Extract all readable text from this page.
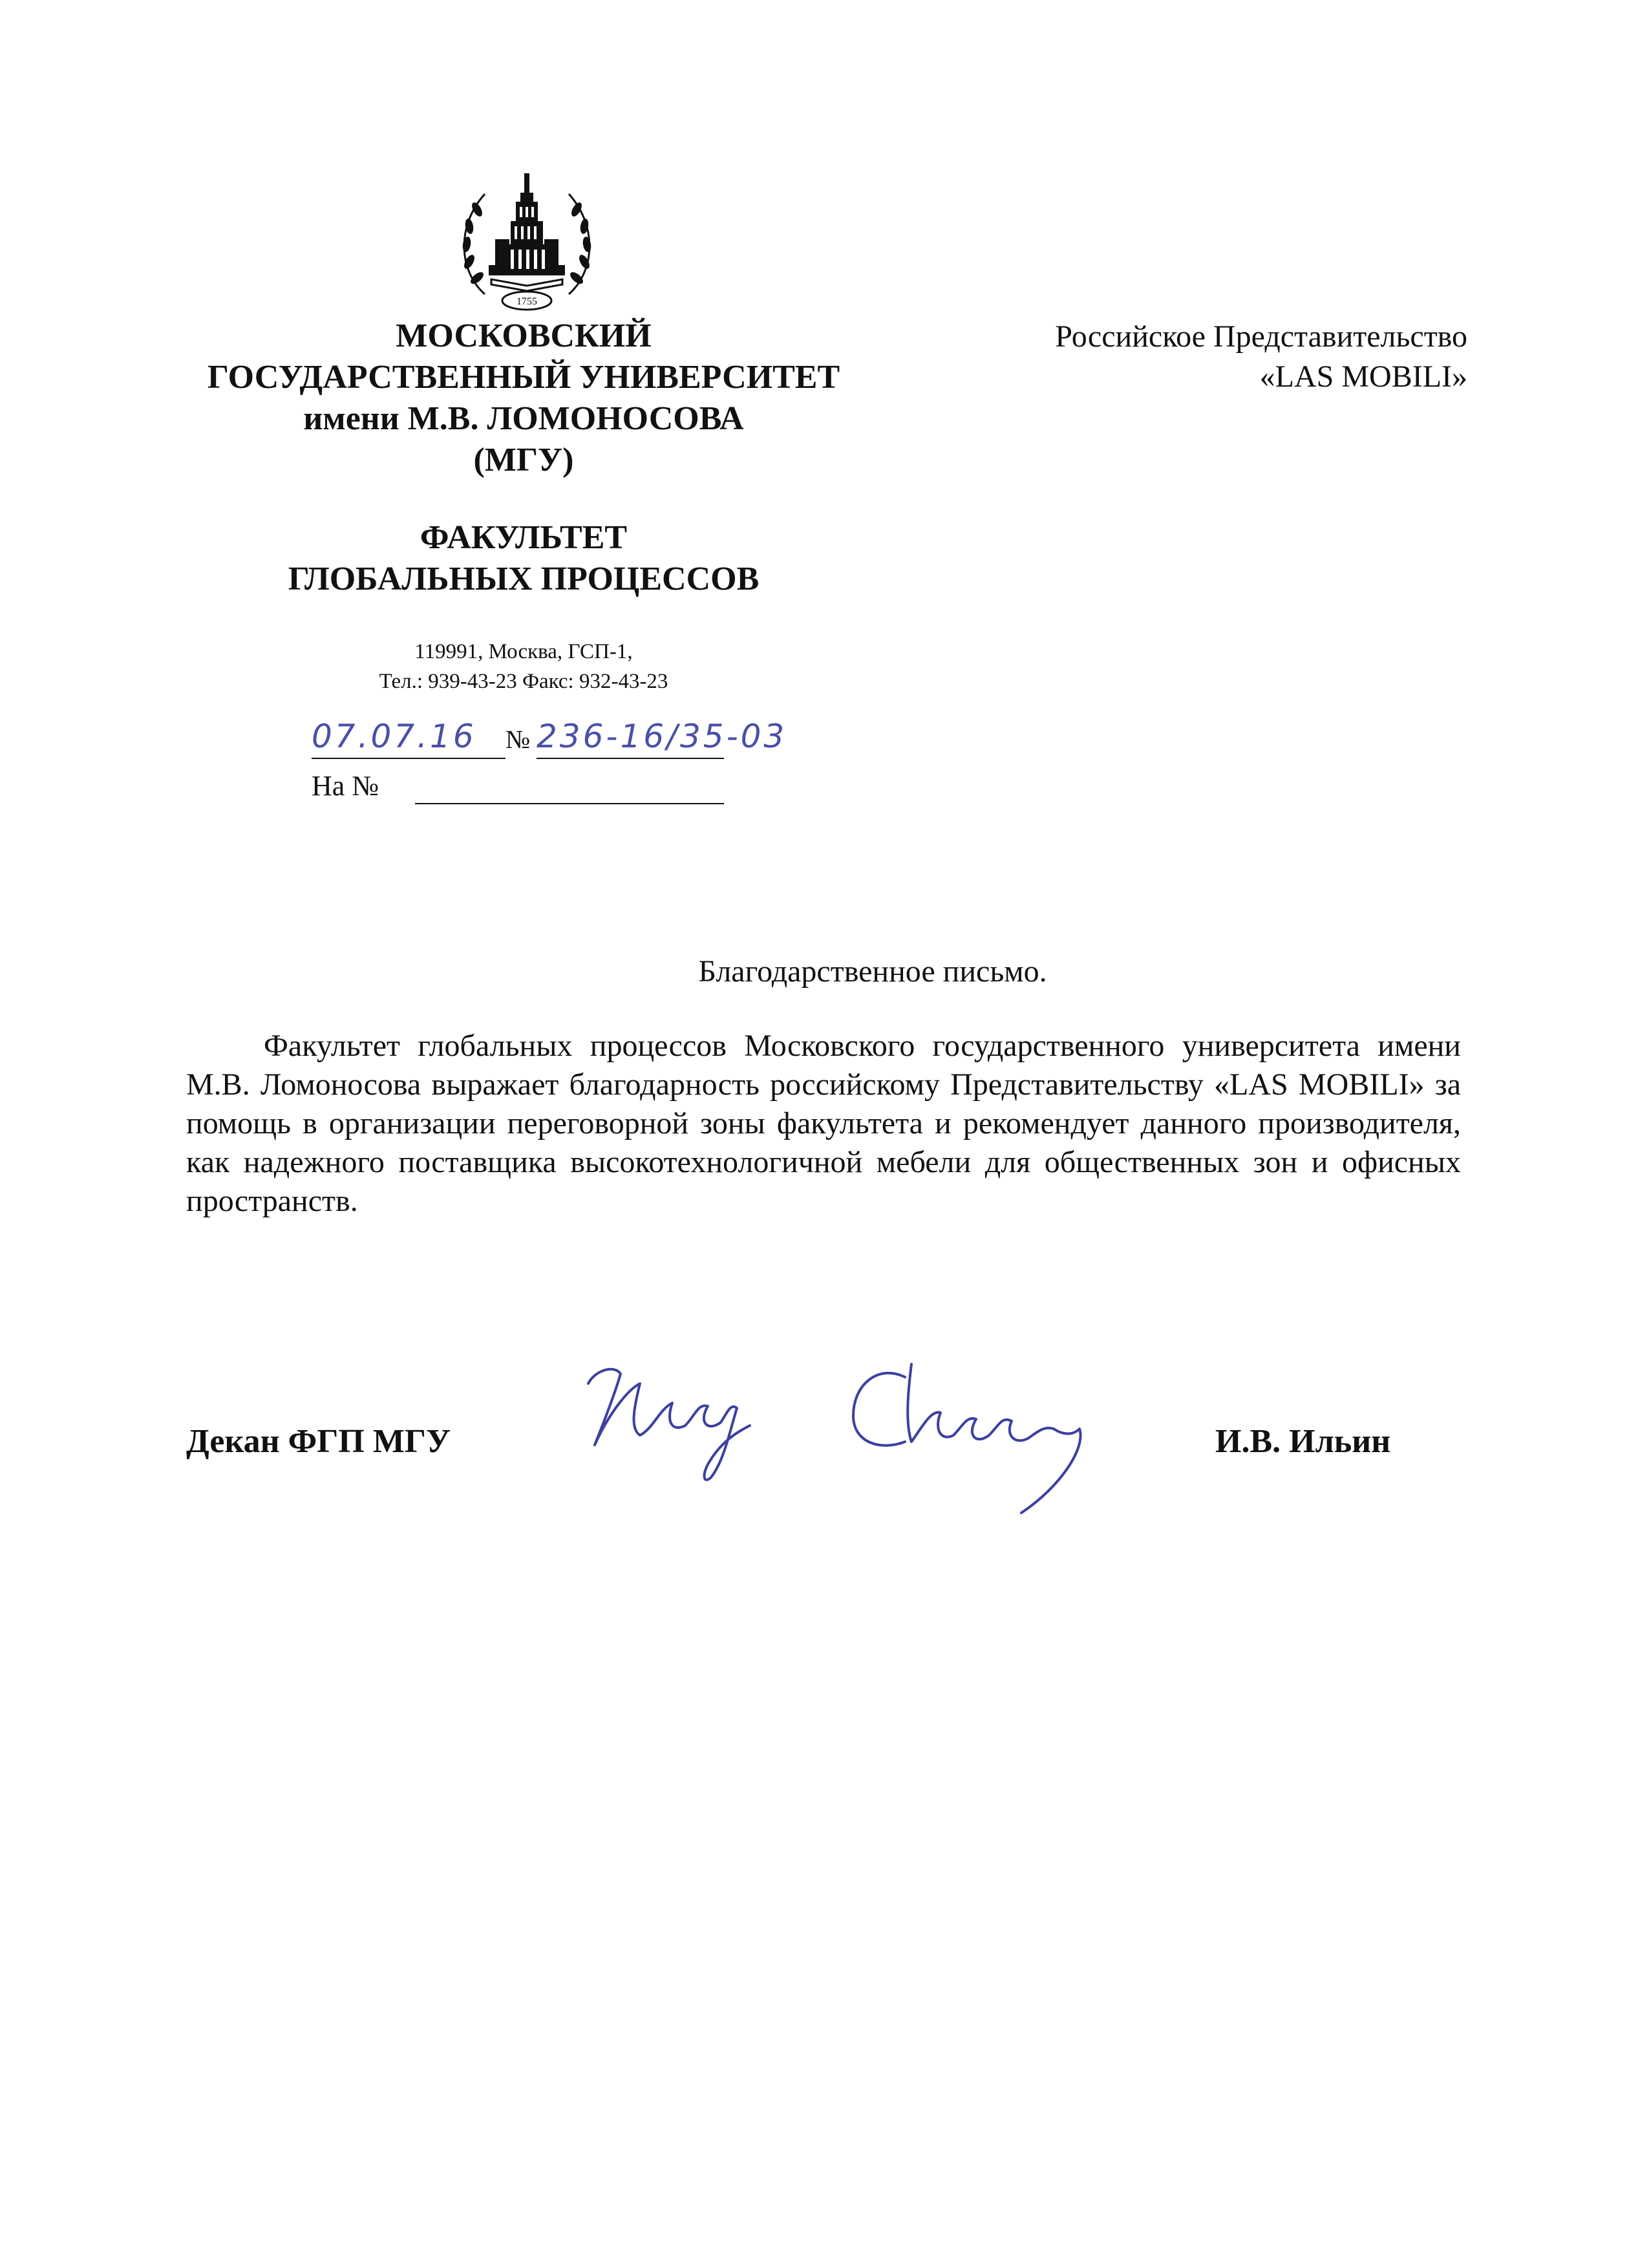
1755
МОСКОВСКИЙ
ГОСУДАРСТВЕННЫЙ УНИВЕРСИТЕТ
имени М.В. ЛОМОНОСОВА
(МГУ)
ФАКУЛЬТЕТ
ГЛОБАЛЬНЫХ ПРОЦЕССОВ
119991, Москва, ГСП-1,
Тел.: 939-43-23 Факс: 932-43-23
07.07.16 № 236-16/35-03
На №
Российское Представительство
«LAS MOBILI»
Благодарственное письмо.
Факультет глобальных процессов Московского государственного университета имени М.В. Ломоносова выражает благодарность российскому Представительству «LAS MOBILI» за помощь в организации переговорной зоны факультета и рекомендует данного производителя, как надежного поставщика высокотехнологичной мебели для общественных зон и офисных пространств.
Декан ФГП МГУ	И.В. Ильин
